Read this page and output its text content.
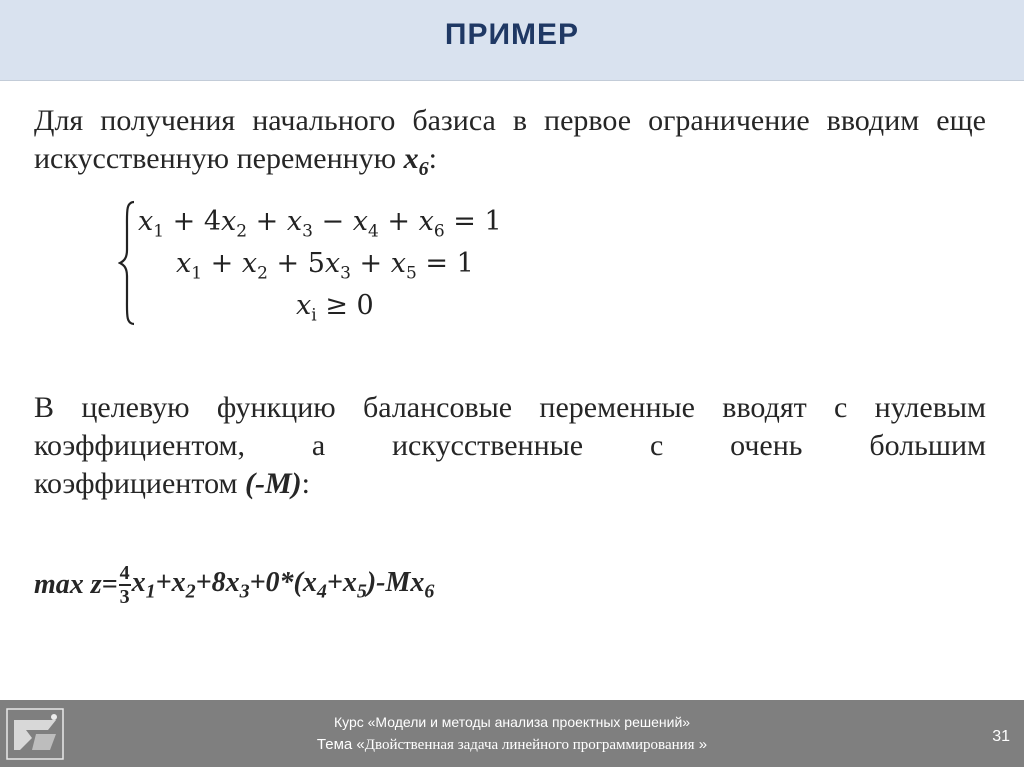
ПРИМЕР
Для получения начального базиса в первое ограничение вводим еще искусственную переменную $x_6$:
$x_1 + 4x_2 + x_3 - x_4 + x_6 = 1$
$x_1 + x_2 + 5x_3 + x_5 = 1$
$x_i \ge 0$
В целевую функцию балансовые переменные вводят с нулевым
коэффициентом, а искусственные с очень большим
коэффициентом (-M):
$\max z= \frac{4}{3} x_1+x_2+8x_3+0*(x_4+x_5)-Mx_6$
Курс «Модели и методы анализа проектных решений»
Тема «Двойственная задача линейного программирования »	31
